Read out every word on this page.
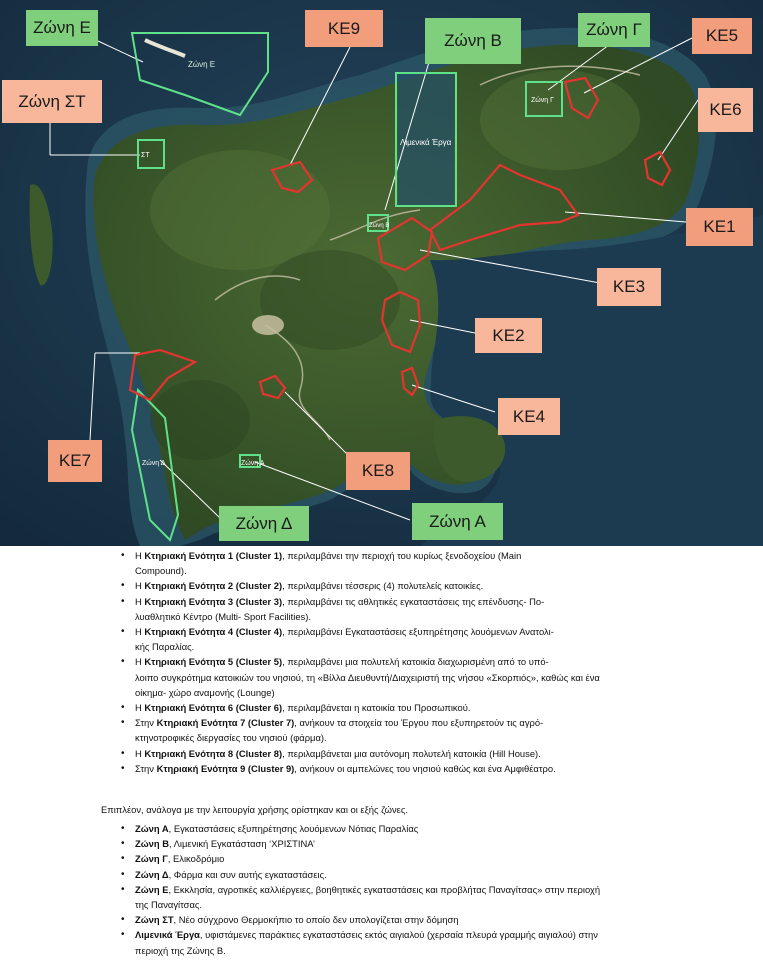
Ζώνη Ε
Λιμενικά Έργα
Ζώνη Γ
ΣΤ
Ζώνη Β
Ζώνη Δ	Ζώνη Α
Ζώνη Ε
Ζώνη Β
Ζώνη Γ
Ζώνη ΣΤ
Ζώνη Δ	Ζώνη Α
ΚΕ9	ΚΕ5
ΚΕ6
ΚΕ1
ΚΕ3
ΚΕ2
ΚΕ4
ΚΕ7
ΚΕ8
• Η Κτηριακή Ενότητα 1 (Cluster 1), περιλαμβάνει την περιοχή του κυρίως ξενοδοχείου (Main
Compound).
• Η Κτηριακή Ενότητα 2 (Cluster 2), περιλαμβάνει τέσσερις (4) πολυτελείς κατοικίες.
• Η Κτηριακή Ενότητα 3 (Cluster 3), περιλαμβάνει τις αθλητικές εγκαταστάσεις της επένδυσης- Πο-
λυαθλητικό Κέντρο (Multi- Sport Facilities).
• Η Κτηριακή Ενότητα 4 (Cluster 4), περιλαμβάνει Εγκαταστάσεις εξυπηρέτησης λουόμενων Ανατολι-
κής Παραλίας.
• Η Κτηριακή Ενότητα 5 (Cluster 5), περιλαμβάνει μια πολυτελή κατοικία διαχωρισμένη από το υπό-
λοιπο συγκρότημα κατοικιών του νησιού, τη «Βίλλα Διευθυντή/Διαχειριστή της νήσου «Σκορπιός», καθώς και ένα οίκημα- χώρο αναμονής (Lounge)
• Η Κτηριακή Ενότητα 6 (Cluster 6), περιλαμβάνεται η κατοικία του Προσωπικού.
• Στην Κτηριακή Ενότητα 7 (Cluster 7), ανήκουν τα στοιχεία του Έργου που εξυπηρετούν τις αγρό-
κτηνοτροφικές διεργασίες του νησιού (φάρμα).
• Η Κτηριακή Ενότητα 8 (Cluster 8), περιλαμβάνεται μια αυτόνομη πολυτελή κατοικία (Hill House).
• Στην Κτηριακή Ενότητα 9 (Cluster 9), ανήκουν οι αμπελώνες του νησιού καθώς και ένα Αμφιθέατρο.
Επιπλέον, ανάλογα με την λειτουργία χρήσης ορίστηκαν και οι εξής ζώνες.
• Ζώνη Α, Εγκαταστάσεις εξυπηρέτησης λουόμενων Νότιας Παραλίας
• Ζώνη Β, Λιμενική Εγκατάσταση ‘ΧΡΙΣΤΙΝΑ’
• Ζώνη Γ, Ελικοδρόμιο
• Ζώνη Δ, Φάρμα και συν αυτής εγκαταστάσεις.
• Ζώνη Ε, Εκκλησία, αγροτικές καλλιέργειες, βοηθητικές εγκαταστάσεις και προβλήτας Παναγίτσας» στην περιοχή της Παναγίτσας.
• Ζώνη ΣΤ, Νέο σύγχρονο Θερμοκήπιο το οποίο δεν υπολογίζεται στην δόμηση
• Λιμενικά Έργα, υφιστάμενες παράκτιες εγκαταστάσεις εκτός αιγιαλού (χερσαία πλευρά γραμμής αιγιαλού) στην περιοχή της Ζώνης Β.
